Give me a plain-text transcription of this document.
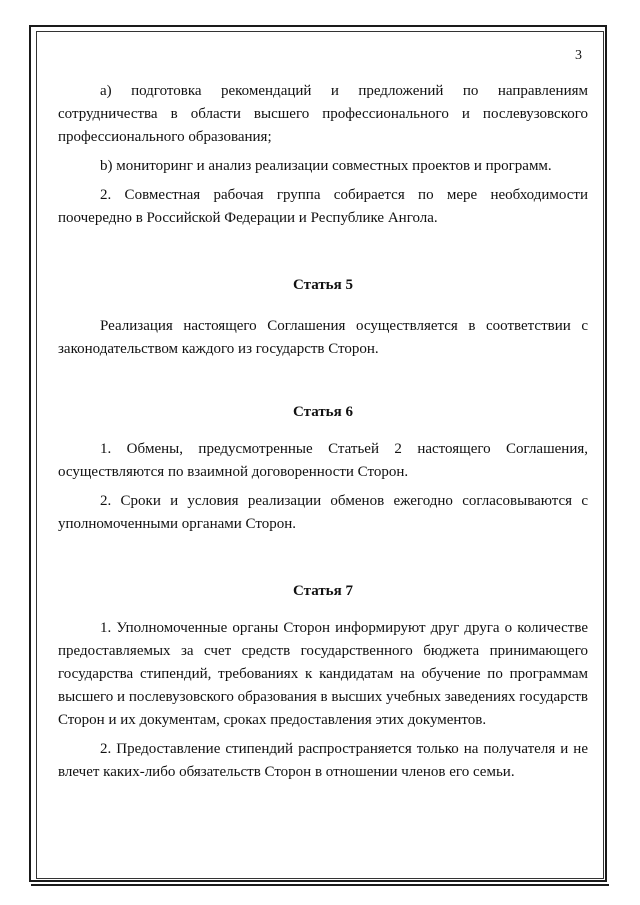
3

а) подготовка рекомендаций и предложений по направлениям сотрудничества в области высшего профессионального и послевузовского профессионального образования;

b) мониторинг и анализ реализации совместных проектов и программ.

2. Совместная рабочая группа собирается по мере необходимости поочередно в Российской Федерации и Республике Ангола.

Статья 5

Реализация настоящего Соглашения осуществляется в соответствии с законодательством каждого из государств Сторон.

Статья 6

1. Обмены, предусмотренные Статьей 2 настоящего Соглашения, осуществляются по взаимной договоренности Сторон.

2. Сроки и условия реализации обменов ежегодно согласовываются с уполномоченными органами Сторон.

Статья 7

1. Уполномоченные органы Сторон информируют друг друга о количестве предоставляемых за счет средств государственного бюджета принимающего государства стипендий, требованиях к кандидатам на обучение по программам высшего и послевузовского образования в высших учебных заведениях государств Сторон и их документам, сроках предоставления этих документов.

2. Предоставление стипендий распространяется только на получателя и не влечет каких-либо обязательств Сторон в отношении членов его семьи.
